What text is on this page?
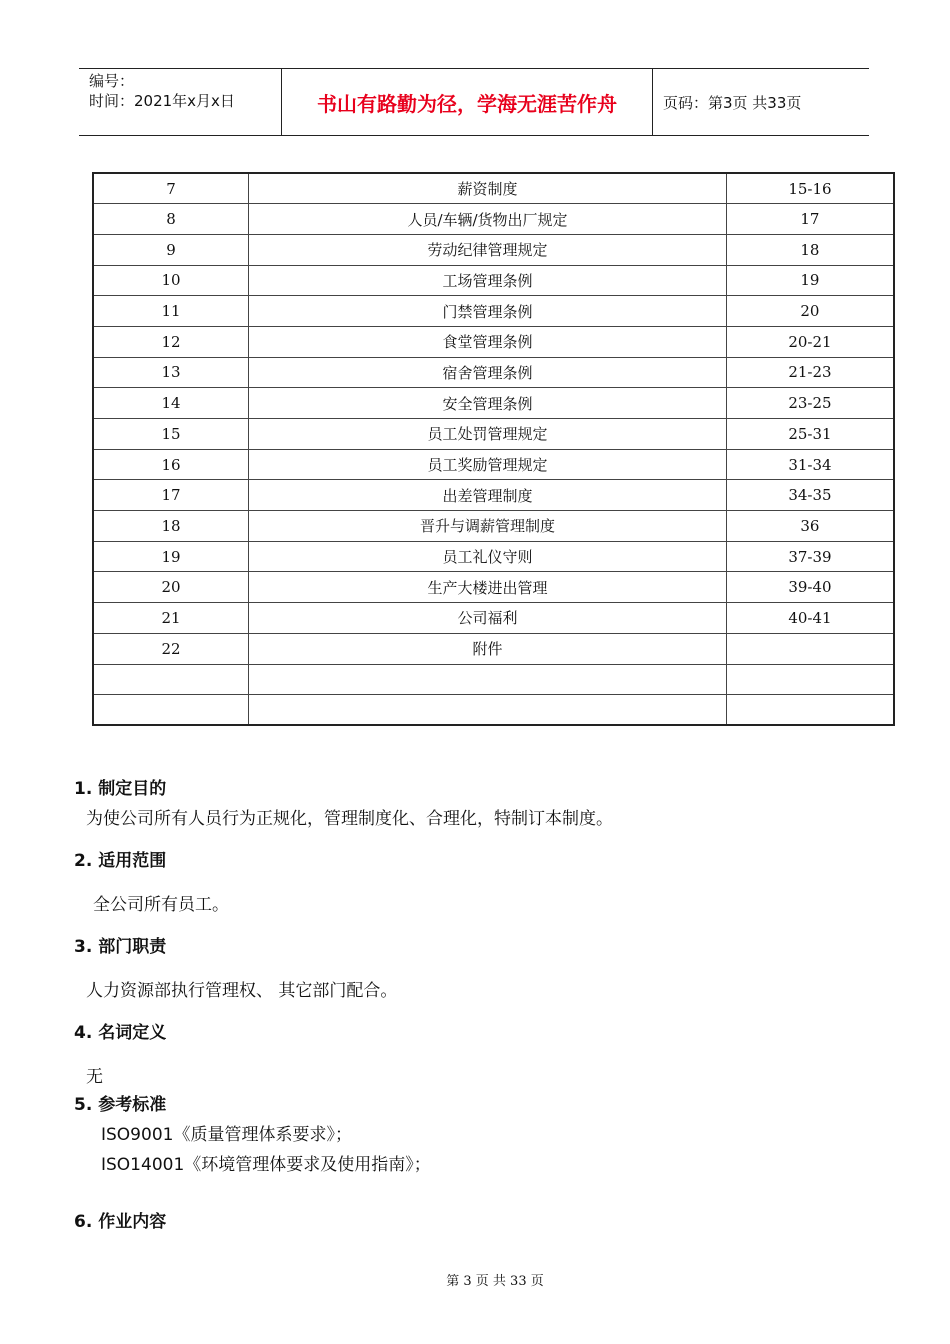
编号：
时间：2021年x月x日	书山有路勤为径，学海无涯苦作舟	页码：第3页 共33页
7	薪资制度	15-16
8	人员/车辆/货物出厂规定	17
9	劳动纪律管理规定	18
10	工场管理条例	19
11	门禁管理条例	20
12	食堂管理条例	20-21
13	宿舍管理条例	21-23
14	安全管理条例	23-25
15	员工处罚管理规定	25-31
16	员工奖励管理规定	31-34
17	出差管理制度	34-35
18	晋升与调薪管理制度	36
19	员工礼仪守则	37-39
20	生产大楼进出管理	39-40
21	公司福利	40-41
22	附件	

1. 制定目的
为使公司所有人员行为正规化，管理制度化、合理化，特制订本制度。
2. 适用范围
全公司所有员工。
3. 部门职责
人力资源部执行管理权、 其它部门配合。
4. 名词定义
无
5. 参考标准
ISO9001《质量管理体系要求》；
ISO14001《环境管理体要求及使用指南》；
6. 作业内容
第 3 页 共 33 页
